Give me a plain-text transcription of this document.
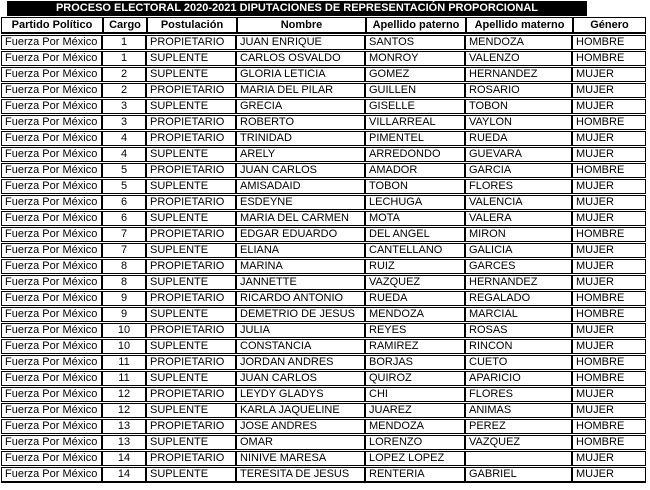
PROCESO ELECTORAL 2020-2021 DIPUTACIONES DE REPRESENTACIÓN PROPORCIONAL
Partido Político	Cargo	Postulación	Nombre	Apellido paterno	Apellido materno	Género
Fuerza Por México	1	PROPIETARIO	JUAN ENRIQUE	SANTOS	MENDOZA	HOMBRE
Fuerza Por México	1	SUPLENTE	CARLOS OSVALDO	MONROY	VALENZO	HOMBRE
Fuerza Por México	2	SUPLENTE	GLORIA LETICIA	GOMEZ	HERNANDEZ	MUJER
Fuerza Por México	2	PROPIETARIO	MARIA DEL PILAR	GUILLEN	ROSARIO	MUJER
Fuerza Por México	3	SUPLENTE	GRECIA	GISELLE	TOBON	MUJER
Fuerza Por México	3	PROPIETARIO	ROBERTO	VILLARREAL	VAYLON	HOMBRE
Fuerza Por México	4	PROPIETARIO	TRINIDAD	PIMENTEL	RUEDA	MUJER
Fuerza Por México	4	SUPLENTE	ARELY	ARREDONDO	GUEVARA	MUJER
Fuerza Por México	5	PROPIETARIO	JUAN CARLOS	AMADOR	GARCIA	HOMBRE
Fuerza Por México	5	SUPLENTE	AMISADAID	TOBON	FLORES	MUJER
Fuerza Por México	6	PROPIETARIO	ESDEYNE	LECHUGA	VALENCIA	MUJER
Fuerza Por México	6	SUPLENTE	MARIA DEL CARMEN	MOTA	VALERA	MUJER
Fuerza Por México	7	PROPIETARIO	EDGAR EDUARDO	DEL ANGEL	MIRON	HOMBRE
Fuerza Por México	7	SUPLENTE	ELIANA	CANTELLANO	GALICIA	MUJER
Fuerza Por México	8	PROPIETARIO	MARINA	RUIZ	GARCES	MUJER
Fuerza Por México	8	SUPLENTE	JANNETTE	VAZQUEZ	HERNANDEZ	MUJER
Fuerza Por México	9	PROPIETARIO	RICARDO ANTONIO	RUEDA	REGALADO	HOMBRE
Fuerza Por México	9	SUPLENTE	DEMETRIO DE JESUS	MENDOZA	MARCIAL	HOMBRE
Fuerza Por México	10	PROPIETARIO	JULIA	REYES	ROSAS	MUJER
Fuerza Por México	10	SUPLENTE	CONSTANCIA	RAMIREZ	RINCON	MUJER
Fuerza Por México	11	PROPIETARIO	JORDAN ANDRES	BORJAS	CUETO	HOMBRE
Fuerza Por México	11	SUPLENTE	JUAN CARLOS	QUIROZ	APARICIO	HOMBRE
Fuerza Por México	12	PROPIETARIO	LEYDY GLADYS	CHI	FLORES	MUJER
Fuerza Por México	12	SUPLENTE	KARLA JAQUELINE	JUAREZ	ANIMAS	MUJER
Fuerza Por México	13	PROPIETARIO	JOSE ANDRES	MENDOZA	PEREZ	HOMBRE
Fuerza Por México	13	SUPLENTE	OMAR	LORENZO	VAZQUEZ	HOMBRE
Fuerza Por México	14	PROPIETARIO	NINIVE MARESA	LOPEZ LOPEZ		MUJER
Fuerza Por México	14	SUPLENTE	TERESITA DE JESUS	RENTERIA	GABRIEL	MUJER
